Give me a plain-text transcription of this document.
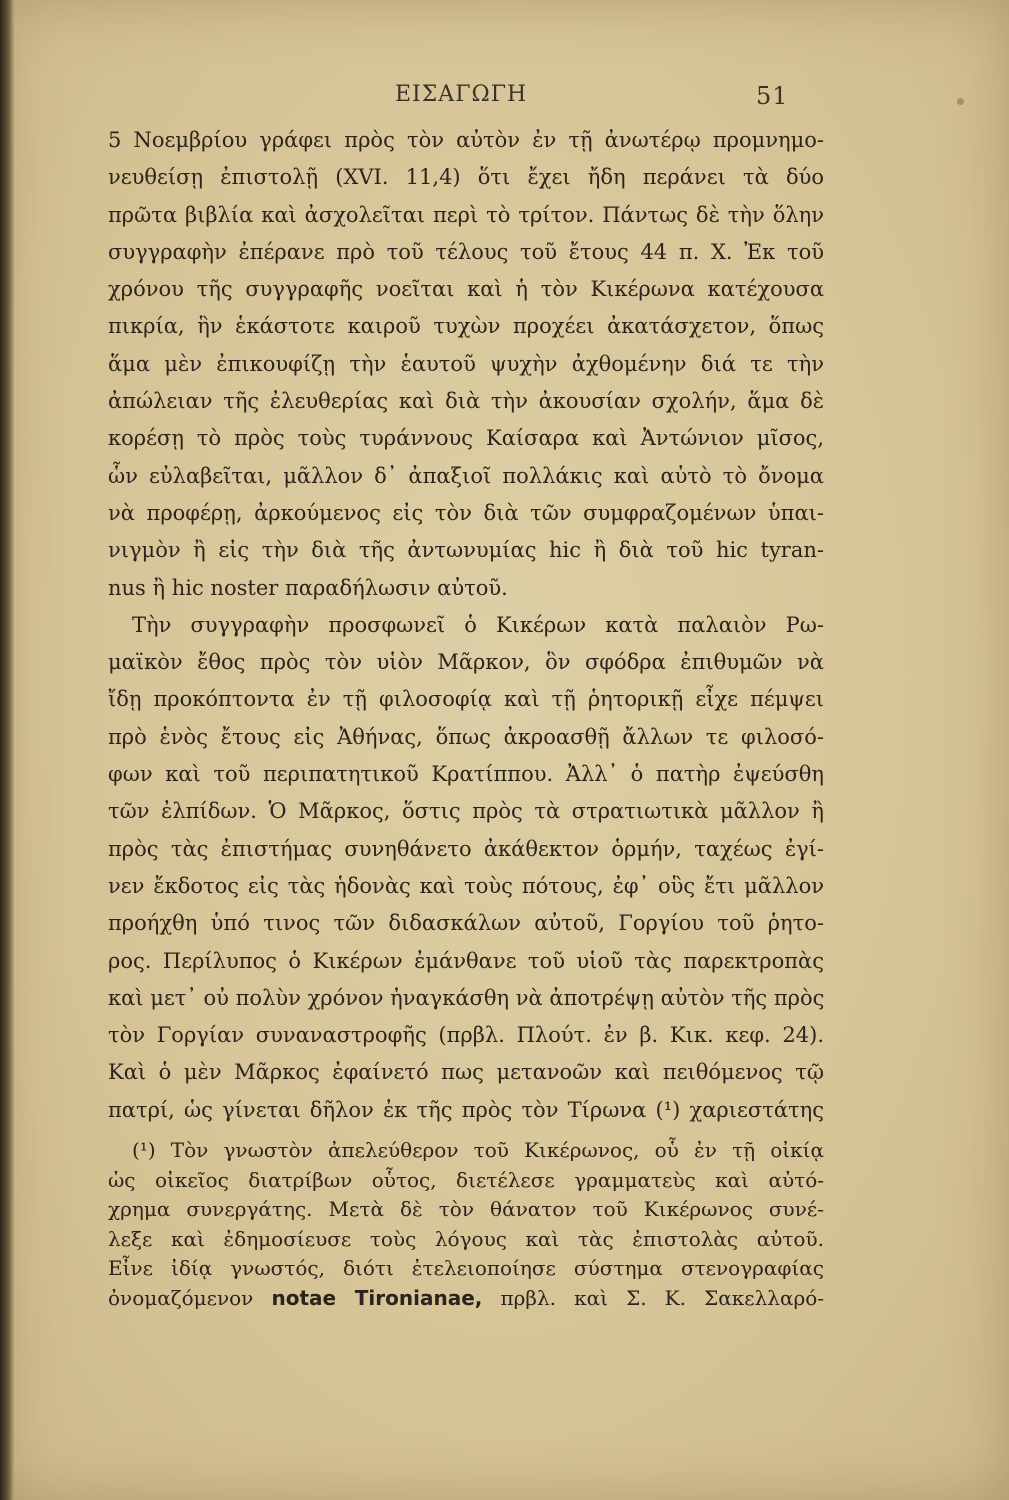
ΕΙΣΑΓΩΓΗ	51
5 Νοεμβρίου γράφει πρὸς τὸν αὐτὸν ἐν τῇ ἀνωτέρῳ προμνημο-
νευθείσῃ ἐπιστολῇ (XVI. 11,4) ὅτι ἔχει ἤδη περάνει τὰ δύο
πρῶτα βιβλία καὶ ἀσχολεῖται περὶ τὸ τρίτον. Πάντως δὲ τὴν ὅλην
συγγραφὴν ἐπέρανε πρὸ τοῦ τέλους τοῦ ἔτους 44 π. Χ. Ἐκ τοῦ
χρόνου τῆς συγγραφῆς νοεῖται καὶ ἡ τὸν Κικέρωνα κατέχουσα
πικρία, ἣν ἑκάστοτε καιροῦ τυχὼν προχέει ἀκατάσχετον, ὅπως
ἅμα μὲν ἐπικουφίζῃ τὴν ἑαυτοῦ ψυχὴν ἀχθομένην διά τε τὴν
ἀπώλειαν τῆς ἐλευθερίας καὶ διὰ τὴν ἀκουσίαν σχολήν, ἅμα δὲ
κορέσῃ τὸ πρὸς τοὺς τυράννους Καίσαρα καὶ Ἀντώνιον μῖσος,
ὧν εὐλαβεῖται, μᾶλλον δ᾽ ἀπαξιοῖ πολλάκις καὶ αὐτὸ τὸ ὄνομα
νὰ προφέρῃ, ἀρκούμενος εἰς τὸν διὰ τῶν συμφραζομένων ὑπαι-
νιγμὸν ἢ εἰς τὴν διὰ τῆς ἀντωνυμίας hic ἢ διὰ τοῦ hic tyran-
nus ἢ hic noster παραδήλωσιν αὐτοῦ.
Τὴν συγγραφὴν προσφωνεῖ ὁ Κικέρων κατὰ παλαιὸν Ρω-
μαϊκὸν ἔθος πρὸς τὸν υἱὸν Μᾶρκον, ὃν σφόδρα ἐπιθυμῶν νὰ
ἴδῃ προκόπτοντα ἐν τῇ φιλοσοφίᾳ καὶ τῇ ῥητορικῇ εἶχε πέμψει
πρὸ ἑνὸς ἔτους εἰς Ἀθήνας, ὅπως ἀκροασθῇ ἄλλων τε φιλοσό-
φων καὶ τοῦ περιπατητικοῦ Κρατίππου. Ἀλλ᾽ ὁ πατὴρ ἐψεύσθη
τῶν ἐλπίδων. Ὁ Μᾶρκος, ὅστις πρὸς τὰ στρατιωτικὰ μᾶλλον ἢ
πρὸς τὰς ἐπιστήμας συνηθάνετο ἀκάθεκτον ὁρμήν, ταχέως ἐγί-
νεν ἔκδοτος εἰς τὰς ἡδονὰς καὶ τοὺς πότους, ἐφ᾽ οὓς ἔτι μᾶλλον
προήχθη ὑπό τινος τῶν διδασκάλων αὐτοῦ, Γοργίου τοῦ ῥητο-
ρος. Περίλυπος ὁ Κικέρων ἐμάνθανε τοῦ υἱοῦ τὰς παρεκτροπὰς
καὶ μετ᾽ οὐ πολὺν χρόνον ἠναγκάσθη νὰ ἀποτρέψῃ αὐτὸν τῆς πρὸς
τὸν Γοργίαν συναναστροφῆς (πρβλ. Πλούτ. ἐν β. Κικ. κεφ. 24).
Καὶ ὁ μὲν Μᾶρκος ἐφαίνετό πως μετανοῶν καὶ πειθόμενος τῷ
πατρί, ὡς γίνεται δῆλον ἐκ τῆς πρὸς τὸν Τίρωνα (¹) χαριεστάτης
(¹) Τὸν γνωστὸν ἀπελεύθερον τοῦ Κικέρωνος, οὗ ἐν τῇ οἰκίᾳ
ὡς οἰκεῖος διατρίβων οὗτος, διετέλεσε γραμματεὺς καὶ αὐτό-
χρημα συνεργάτης. Μετὰ δὲ τὸν θάνατον τοῦ Κικέρωνος συνέ-
λεξε καὶ ἐδημοσίευσε τοὺς λόγους καὶ τὰς ἐπιστολὰς αὐτοῦ.
Εἶνε ἰδίᾳ γνωστός, διότι ἐτελειοποίησε σύστημα στενογραφίας
ὀνομαζόμενον notae Tironianae, πρβλ. καὶ Σ. Κ. Σακελλαρό-
